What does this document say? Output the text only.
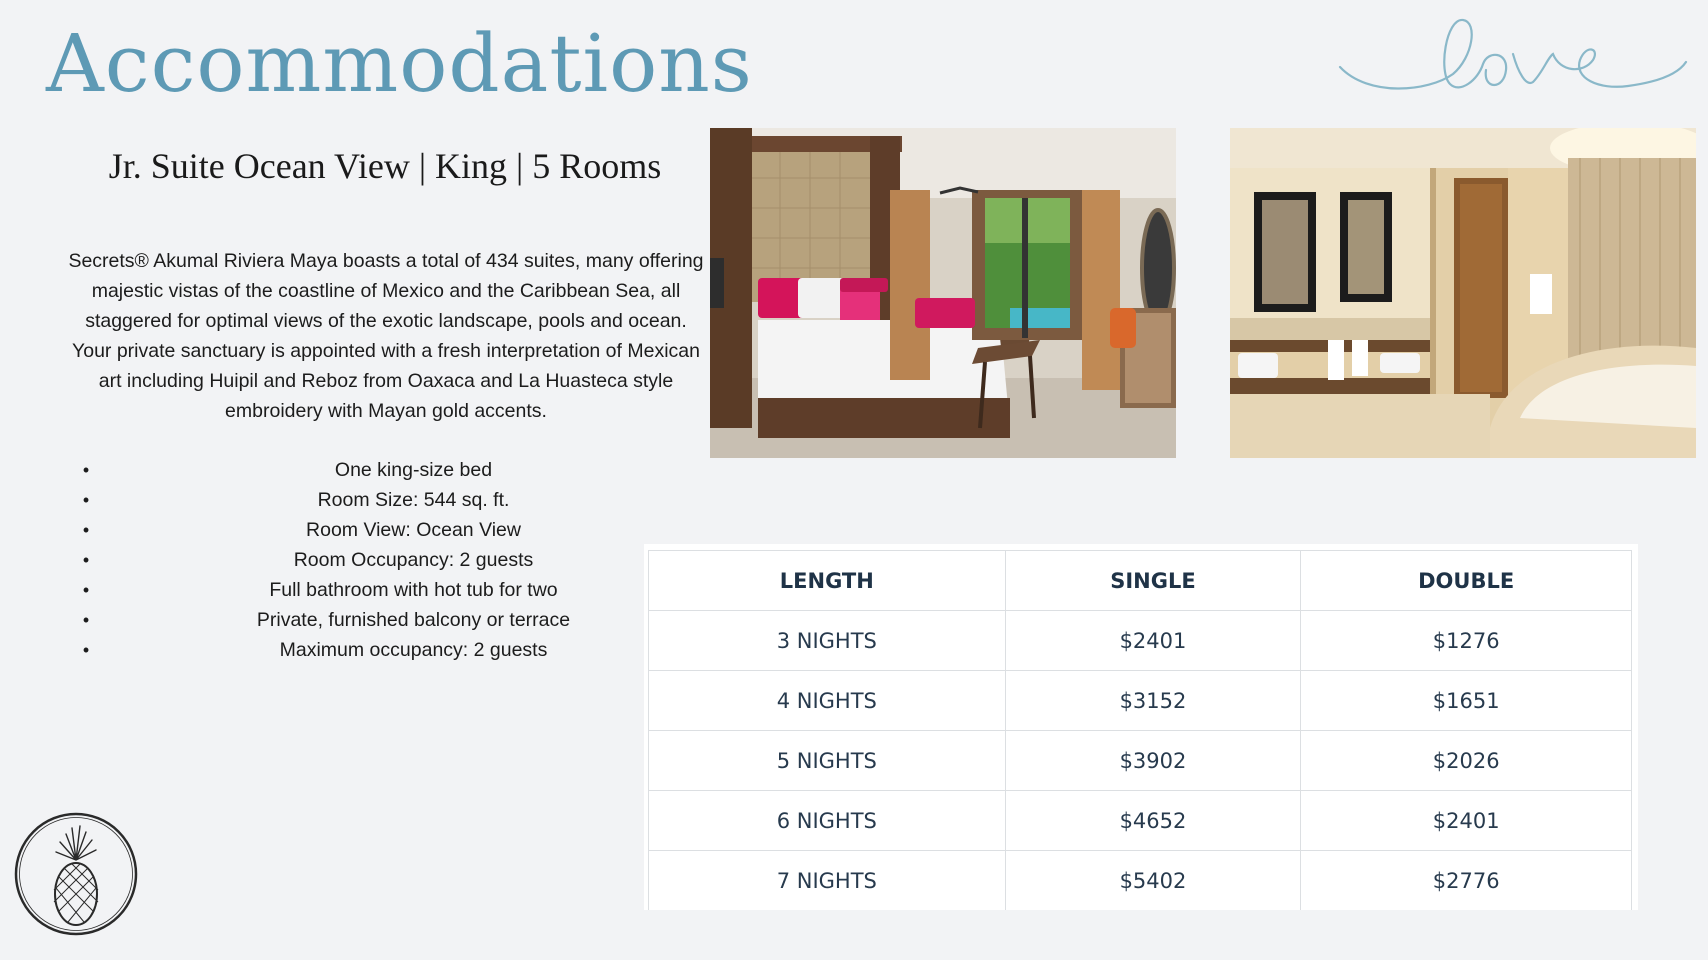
Accommodations
Jr. Suite Ocean View | King | 5 Rooms

Secrets® Akumal Riviera Maya boasts a total of 434 suites, many offering majestic vistas of the coastline of Mexico and the Caribbean Sea, all staggered for optimal views of the exotic landscape, pools and ocean. Your private sanctuary is appointed with a fresh interpretation of Mexican art including Huipil and Reboz from Oaxaca and La Huasteca style embroidery with Mayan gold accents.

•	One king-size bed
•	Room Size: 544 sq. ft.
•	Room View: Ocean View
•	Room Occupancy: 2 guests
•	Full bathroom with hot tub for two
•	Private, furnished balcony or terrace
•	Maximum occupancy: 2 guests
LENGTH	SINGLE	DOUBLE
3 NIGHTS	$2401	$1276
4 NIGHTS	$3152	$1651
5 NIGHTS	$3902	$2026
6 NIGHTS	$4652	$2401
7 NIGHTS	$5402	$2776
